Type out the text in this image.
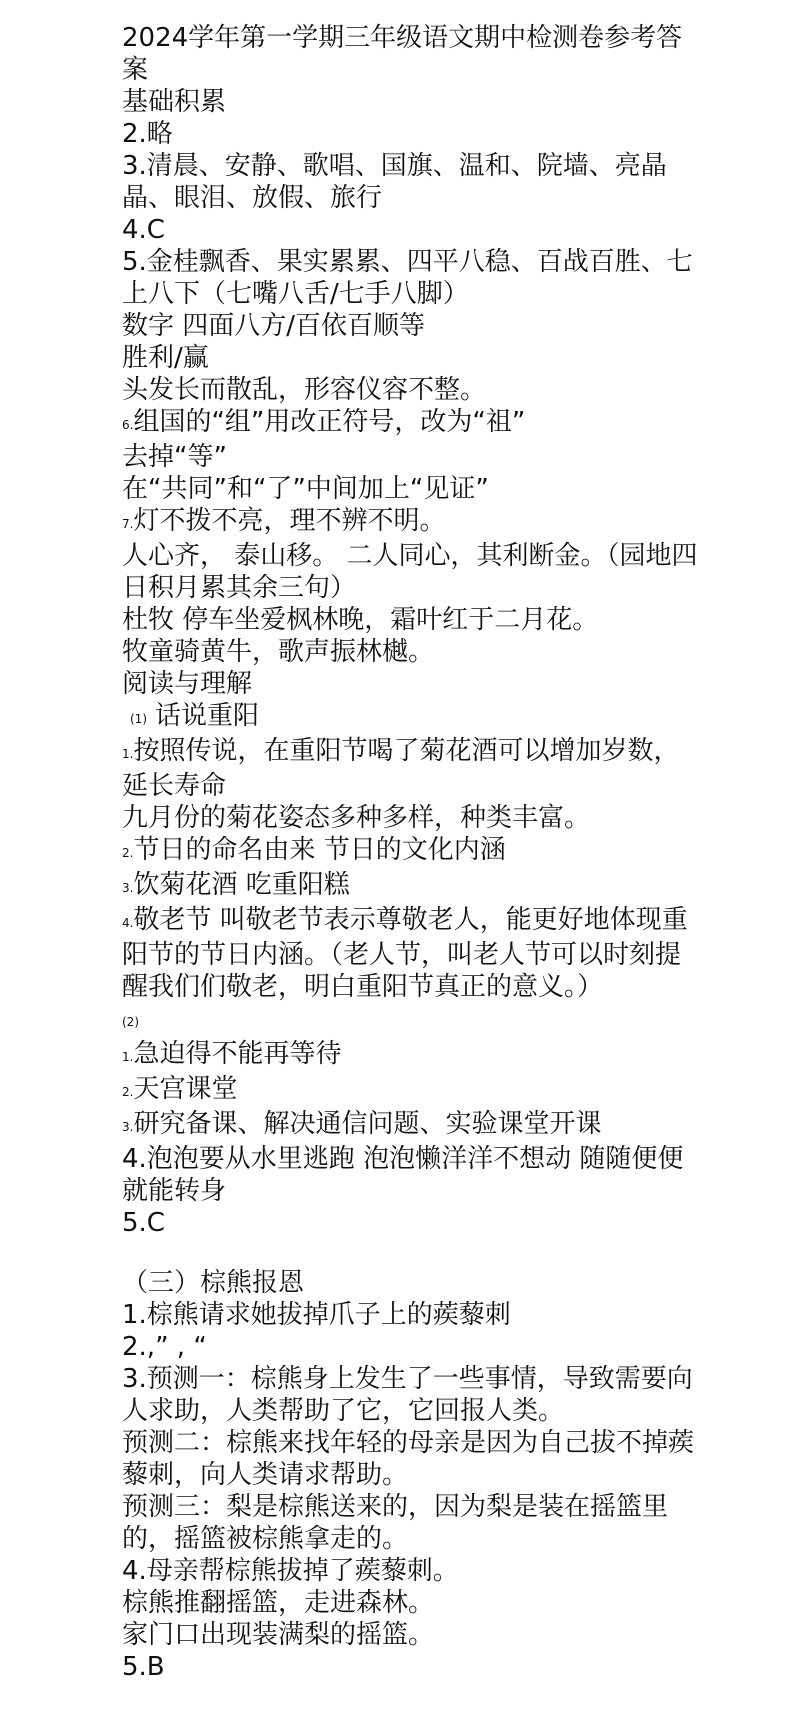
2024学年第一学期三年级语文期中检测卷参考答案
基础积累
2.略
3.清晨、安静、歌唱、国旗、温和、院墙、亮晶晶、眼泪、放假、旅行
4.C
5.金桂飘香、果实累累、四平八稳、百战百胜、七上八下（七嘴八舌/七手八脚）
数字 四面八方/百依百顺等
胜利/赢
头发长而散乱，形容仪容不整。
6.组国的“组”用改正符号，改为“祖”
去掉“等”
在“共同”和“了”中间加上“见证”
7.灯不拨不亮，理不辨不明。
人心齐， 泰山移。 二人同心，其利断金。（园地四日积月累其余三句）
杜牧 停车坐爱枫林晚，霜叶红于二月花。
牧童骑黄牛，歌声振林樾。
阅读与理解
(1) 话说重阳
1.按照传说，在重阳节喝了菊花酒可以增加岁数，延长寿命
九月份的菊花姿态多种多样，种类丰富。
2.节日的命名由来 节日的文化内涵
3.饮菊花酒 吃重阳糕
4.敬老节 叫敬老节表示尊敬老人，能更好地体现重阳节的节日内涵。（老人节，叫老人节可以时刻提醒我们们敬老，明白重阳节真正的意义。）
(2)
1.急迫得不能再等待
2.天宫课堂
3.研究备课、解决通信问题、实验课堂开课
4.泡泡要从水里逃跑 泡泡懒洋洋不想动 随随便便就能转身
5.C
（三）棕熊报恩
1.棕熊请求她拔掉爪子上的蒺藜刺
2.,” , “
3.预测一：棕熊身上发生了一些事情，导致需要向人求助，人类帮助了它，它回报人类。
预测二：棕熊来找年轻的母亲是因为自己拔不掉蒺藜刺，向人类请求帮助。
预测三：梨是棕熊送来的，因为梨是装在摇篮里的，摇篮被棕熊拿走的。
4.母亲帮棕熊拔掉了蒺藜刺。
棕熊推翻摇篮，走进森林。
家门口出现装满梨的摇篮。
5.B
